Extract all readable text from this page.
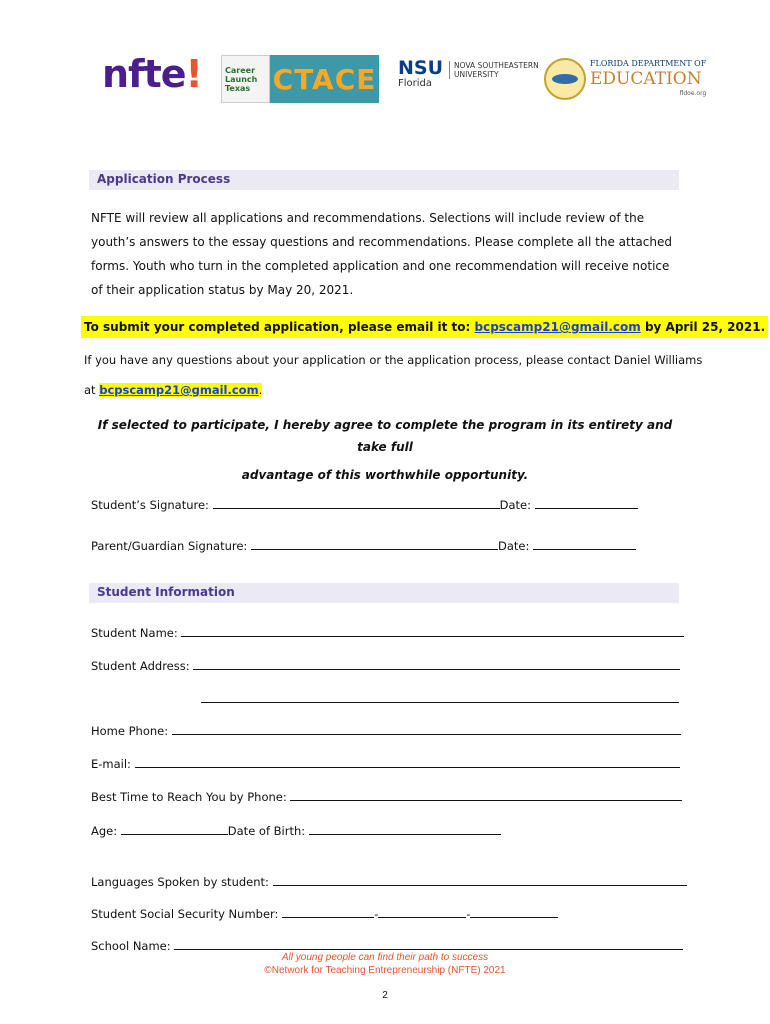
nfte!	Career
Launch
Texas CTACE NSU
Florida
NOVA SOUTHEASTERN
UNIVERSITY
FLORIDA DEPARTMENT OF
EDUCATION
fldoe.org
Application Process
NFTE will review all applications and recommendations. Selections will include review of the
youth’s answers to the essay questions and recommendations. Please complete all the attached
forms. Youth who turn in the completed application and one recommendation will receive notice
of their application status by May 20, 2021.
To submit your completed application, please email it to: bcpscamp21@gmail.com by April 25, 2021.
If you have any questions about your application or the application process, please contact Daniel Williams
at bcpscamp21@gmail.com.
If selected to participate, I hereby agree to complete the program in its entirety and take full
advantage of this worthwhile opportunity.
Student’s Signature:	Date:
Parent/Guardian Signature:	Date:
Student Information
Student Name:
Student Address:
Home Phone:
E-mail:
Best Time to Reach You by Phone:
Age:	Date of Birth:
Languages Spoken by student:
Student Social Security Number:	-	-
School Name:
All young people can find their path to success
©Network for Teaching Entrepreneurship (NFTE) 2021
2
